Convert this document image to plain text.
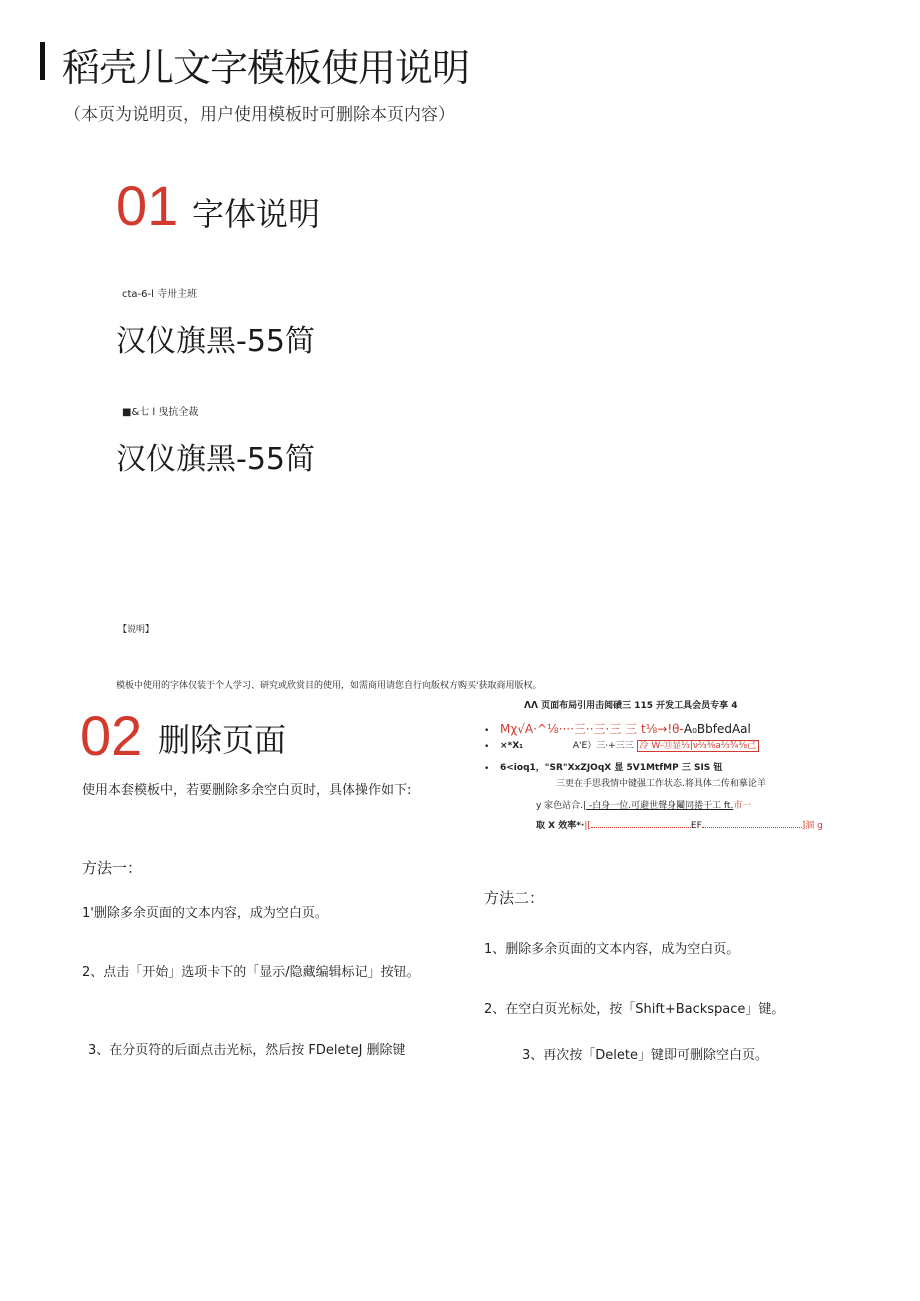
稻壳儿文字模板使用说明
（本页为说明页，用户使用模板时可删除本页内容）
01 字体说明
cta-6-l 寺卅主班
汉仪旗黑-55简
■&七 l 曳抗全裁
汉仪旗黑-55简
【说明】
模板中使用的字体仅装于个人学习、研究或欣赏目的使用，如需商用请您自行向版权方购买'获取商用版权。
02 删除页面
使用本套模板中，若要删除多余空白页时，具体操作如下:
方法一：
1'删除多余页面的文本内容，成为空白页。
2、点击「开始」选项卡下的「显示/隐藏编辑标记」按钮。
3、在分页符的后面点击光标，然后按 FDeleteJ 删除键
方法二：
1、删除多余页面的文本内容，成为空白页。
2、在空白页光标处，按「Shift+Backspace」键。
3、再次按「Delete」键即可删除空白页。
ᐱᐱ 页面布局引用击阅碛三 115 开发工具会员专享 4
• Mχ√A·^⅛····三··三·三 三 t⅛→!θ-A₀BbfedAal
• ×*X₁	A'E）三·+三三 冷 W-⑬显⅓|ν⅔⅜a⅔¾⅜己
• 6<ioq1，"SR"XxZJOqX 显 5V1MtfMP 三 SIS 钮
三更在手思我情中键强工作状态.将具体二传和摹论羊
y 家色站合.| -白身一位.可避世聲身鬮同捲干工 ft.市一
取 X 效率*·|[	EF	]涸 g
